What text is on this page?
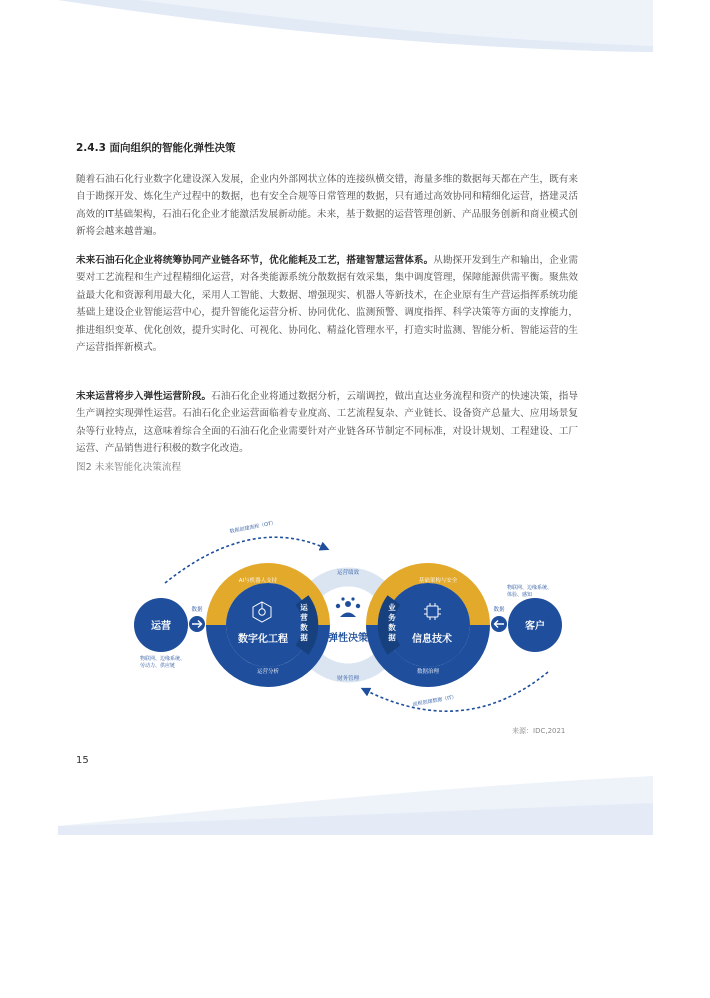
2.4.3 面向组织的智能化弹性决策

随着石油石化行业数字化建设深入发展，企业内外部网状立体的连接纵横交错，海量多维的数据每天都在产生，既有来自于勘探开发、炼化生产过程中的数据，也有安全合规等日常管理的数据，只有通过高效协同和精细化运营，搭建灵活高效的IT基础架构，石油石化企业才能激活发展新动能。未来，基于数据的运营管理创新、产品服务创新和商业模式创新将会越来越普遍。

未来石油石化企业将统筹协同产业链各环节，优化能耗及工艺，搭建智慧运营体系。从勘探开发到生产和输出，企业需要对工艺流程和生产过程精细化运营，对各类能源系统分散数据有效采集，集中调度管理，保障能源供需平衡。聚焦效益最大化和资源利用最大化，采用人工智能、大数据、增强现实、机器人等新技术，在企业原有生产营运指挥系统功能基础上建设企业智能运营中心，提升智能化运营分析、协同优化、监测预警、调度指挥、科学决策等方面的支撑能力，推进组织变革、优化创效，提升实时化、可视化、协同化、精益化管理水平，打造实时监测、智能分析、智能运营的生产运营指挥新模式。

未来运营将步入弹性运营阶段。石油石化企业将通过数据分析，云端调控，做出直达业务流程和资产的快速决策，指导生产调控实现弹性运营。石油石化企业运营面临着专业度高、工艺流程复杂、产业链长、设备资产总量大、应用场景复杂等行业特点，这意味着综合全面的石油石化企业需要针对产业链各环节制定不同标准，对设计规划、工程建设、工厂运营、产品销售进行积极的数字化改造。

图2 未来智能化决策流程
数据创建流程（OT）
流程创建数据（IT）
运营
物联网、边缘系统、
劳动力、供应链
数据
客户
物联网、边缘系统、
体验、感知
数据
AI与机器人支持
运营分析
数字化工程
运
营
数
据
基础架构与安全
数据治理
信息技术
业
务
数
据
运营绩效
财务管理
弹性决策
来源：IDC,2021
15
